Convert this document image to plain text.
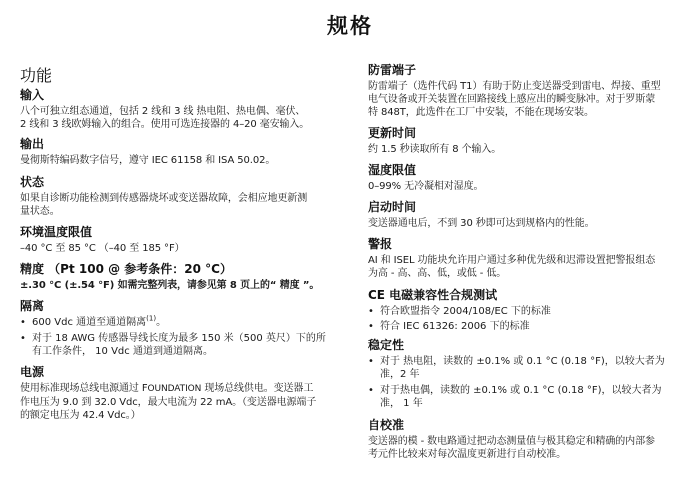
规格
功能
输入
八个可独立组态通道，包括 2 线和 3 线 热电阻、热电偶、毫伏、
2 线和 3 线欧姆输入的组合。使用可选连接器的 4–20 毫安输入。
输出
曼彻斯特编码数字信号，遵守 IEC 61158 和 ISA 50.02。
状态
如果自诊断功能检测到传感器烧坏或变送器故障，会相应地更新测
量状态。
环境温度限值
–40 °C 至 85 °C （–40 至 185 °F）
精度 （Pt 100 @ 参考条件：20 °C）
±.30 °C (±.54 °F) 如需完整列表，请参见第 8 页上的“ 精度 ”。
隔离
• 600 Vdc 通道至通道隔离$^{(1)}$。
• 对于 18 AWG 传感器导线长度为最多 150 米（500 英尺）下的所
有工作条件， 10 Vdc 通道到通道隔离。
电源
使用标准现场总线电源通过 FOUNDATION 现场总线供电。变送器工
作电压为 9.0 到 32.0 Vdc，最大电流为 22 mA。（变送器电源端子
的额定电压为 42.4 Vdc。）
防雷端子
防雷端子（选件代码 T1）有助于防止变送器受到雷电、焊接、重型
电气设备或开关装置在回路接线上感应出的瞬变脉冲。对于罗斯蒙
特 848T，此选件在工厂中安装，不能在现场安装。
更新时间
约 1.5 秒读取所有 8 个输入。
湿度限值
0–99% 无冷凝相对湿度。
启动时间
变送器通电后，不到 30 秒即可达到规格内的性能。
警报
AI 和 ISEL 功能块允许用户通过多种优先级和迟滞设置把警报组态
为高 - 高、高、低，或低 - 低。
CE 电磁兼容性合规测试
• 符合欧盟指令 2004/108/EC 下的标准
• 符合 IEC 61326: 2006 下的标准
稳定性
• 对于 热电阻，读数的 ±0.1% 或 0.1 °C (0.18 °F)，以较大者为
准，2 年
• 对于热电偶，读数的 ±0.1% 或 0.1 °C (0.18 °F)，以较大者为
准， 1 年
自校准
变送器的模 - 数电路通过把动态测量值与极其稳定和精确的内部参
考元件比较来对每次温度更新进行自动校准。
